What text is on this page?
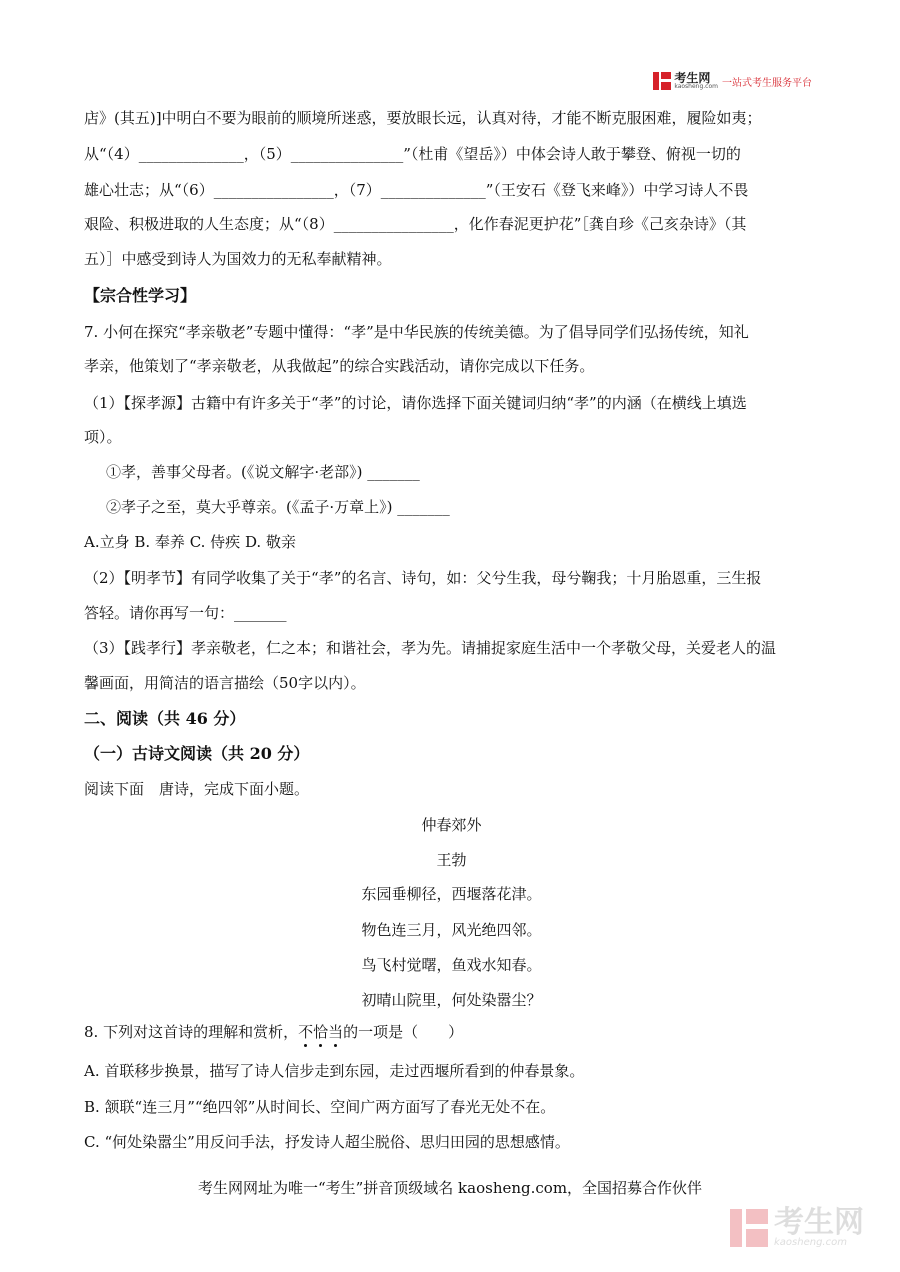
考生网
kaosheng.com 一站式考生服务平台
店》(其五)]中明白不要为眼前的顺境所迷惑，要放眼长远，认真对待，才能不断克服困难，履险如夷；
从“（4）______________，（5）_______________”（杜甫《望岳》）中体会诗人敢于攀登、俯视一切的
雄心壮志；从“（6）________________，（7）______________”（王安石《登飞来峰》）中学习诗人不畏
艰险、积极进取的人生态度；从“（8）________________，化作春泥更护花”［龚自珍《己亥杂诗》（其
五）］中感受到诗人为国效力的无私奉献精神。
【宗合性学习】
7. 小何在探究“孝亲敬老”专题中懂得：“孝”是中华民族的传统美德。为了倡导同学们弘扬传统，知礼
孝亲，他策划了“孝亲敬老，从我做起”的综合实践活动，请你完成以下任务。
（1）【探孝源】古籍中有许多关于“孝”的讨论，请你选择下面关键词归纳“孝”的内涵（在横线上填选
项）。
①孝，善事父母者。(《说文解字·老部》) _______
②孝子之至，莫大乎尊亲。(《孟子·万章上》) _______
A.立身 B. 奉养 C. 侍疾 D. 敬亲
（2）【明孝节】有同学收集了关于“孝”的名言、诗句，如：父兮生我，母兮鞠我；十月胎恩重，三生报
答轻。请你再写一句：_______
（3）【践孝行】孝亲敬老，仁之本；和谐社会，孝为先。请捕捉家庭生活中一个孝敬父母，关爱老人的温
馨画面，用简洁的语言描绘（50字以内）。
二、阅读（共 46 分）
（一）古诗文阅读（共 20 分）
阅读下面　唐诗，完成下面小题。
仲春郊外
王勃
东园垂柳径，西堰落花津。
物色连三月，风光绝四邻。
鸟飞村觉曙，鱼戏水知春。
初晴山院里，何处染嚣尘？
8. 下列对这首诗的理解和赏析，不恰当的一项是（　　）
A. 首联移步换景，描写了诗人信步走到东园，走过西堰所看到的仲春景象。
B. 颔联“连三月”“绝四邻”从时间长、空间广两方面写了春光无处不在。
C. “何处染嚣尘”用反问手法，抒发诗人超尘脱俗、思归田园的思想感情。
考生网网址为唯一“考生”拼音顶级域名 kaosheng.com，全国招募合作伙伴
考生网
kaosheng.com
